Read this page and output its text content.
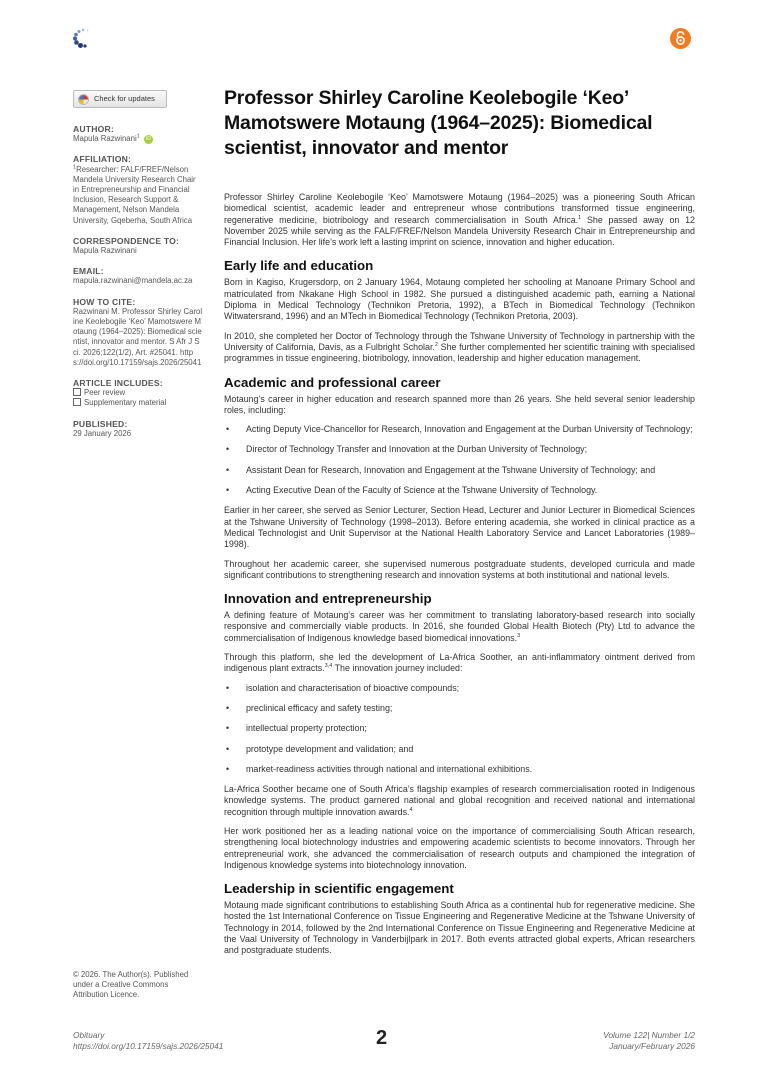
Check for updates
AUTHOR:
Mapula Razwinani$^1$ iD
AFFILIATION:
$^1$Researcher: FALF/FREF/Nelson Mandela University Research Chair in Entrepreneurship and Financial Inclusion, Research Support & Management, Nelson Mandela University, Gqeberha, South Africa
CORRESPONDENCE TO:
Mapula Razwinani
EMAIL:
mapula.razwinani@mandela.ac.za
HOW TO CITE:
Razwinani M. Professor Shirley Caroline Keolebogile ‘Keo’ Mamotswere Motaung (1964–2025): Biomedical scientist, innovator and mentor. S Afr J Sci. 2026;122(1/2), Art. #25041. https://doi.org/10.17159/sajs.2026/25041
ARTICLE INCLUDES:
Peer review
Supplementary material
PUBLISHED:
29 January 2026
© 2026. The Author(s). Published under a Creative Commons Attribution Licence.
Professor Shirley Caroline Keolebogile ‘Keo’ Mamotswere Motaung (1964–2025): Biomedical scientist, innovator and mentor

Professor Shirley Caroline Keolebogile ‘Keo’ Mamotswere Motaung (1964–2025) was a pioneering South African biomedical scientist, academic leader and entrepreneur whose contributions transformed tissue engineering, regenerative medicine, biotribology and research commercialisation in South Africa.$^1$ She passed away on 12 November 2025 while serving as the FALF/FREF/Nelson Mandela University Research Chair in Entrepreneurship and Financial Inclusion. Her life’s work left a lasting imprint on science, innovation and higher education.

Early life and education

Born in Kagiso, Krugersdorp, on 2 January 1964, Motaung completed her schooling at Manoane Primary School and matriculated from Nkakane High School in 1982. She pursued a distinguished academic path, earning a National Diploma in Medical Technology (Technikon Pretoria, 1992), a BTech in Biomedical Technology (Technikon Witwatersrand, 1996) and an MTech in Biomedical Technology (Technikon Pretoria, 2003).

In 2010, she completed her Doctor of Technology through the Tshwane University of Technology in partnership with the University of California, Davis, as a Fulbright Scholar.$^2$ She further complemented her scientific training with specialised programmes in tissue engineering, biotribology, innovation, leadership and higher education management.

Academic and professional career

Motaung’s career in higher education and research spanned more than 26 years. She held several senior leadership roles, including:

• Acting Deputy Vice-Chancellor for Research, Innovation and Engagement at the Durban University of Technology;
• Director of Technology Transfer and Innovation at the Durban University of Technology;
• Assistant Dean for Research, Innovation and Engagement at the Tshwane University of Technology; and
• Acting Executive Dean of the Faculty of Science at the Tshwane University of Technology.

Earlier in her career, she served as Senior Lecturer, Section Head, Lecturer and Junior Lecturer in Biomedical Sciences at the Tshwane University of Technology (1998–2013). Before entering academia, she worked in clinical practice as a Medical Technologist and Unit Supervisor at the National Health Laboratory Service and Lancet Laboratories (1989–1998).

Throughout her academic career, she supervised numerous postgraduate students, developed curricula and made significant contributions to strengthening research and innovation systems at both institutional and national levels.

Innovation and entrepreneurship

A defining feature of Motaung’s career was her commitment to translating laboratory-based research into socially responsive and commercially viable products. In 2016, she founded Global Health Biotech (Pty) Ltd to advance the commercialisation of Indigenous knowledge based biomedical innovations.$^3$

Through this platform, she led the development of La-Africa Soother, an anti-inflammatory ointment derived from indigenous plant extracts.$^{3,4}$ The innovation journey included:

• isolation and characterisation of bioactive compounds;
• preclinical efficacy and safety testing;
• intellectual property protection;
• prototype development and validation; and
• market-readiness activities through national and international exhibitions.

La-Africa Soother became one of South Africa’s flagship examples of research commercialisation rooted in Indigenous knowledge systems. The product garnered national and global recognition and received national and international recognition through multiple innovation awards.$^4$

Her work positioned her as a leading national voice on the importance of commercialising South African research, strengthening local biotechnology industries and empowering academic scientists to become innovators. Through her entrepreneurial work, she advanced the commercialisation of research outputs and championed the integration of Indigenous knowledge systems into biotechnology innovation.

Leadership in scientific engagement

Motaung made significant contributions to establishing South Africa as a continental hub for regenerative medicine. She hosted the 1st International Conference on Tissue Engineering and Regenerative Medicine at the Tshwane University of Technology in 2014, followed by the 2nd International Conference on Tissue Engineering and Regenerative Medicine at the Vaal University of Technology in Vanderbijlpark in 2017. Both events attracted global experts, African researchers and postgraduate students.

Obituary
https://doi.org/10.17159/sajs.2026/25041	2	Volume 122| Number 1/2
January/February 2026
